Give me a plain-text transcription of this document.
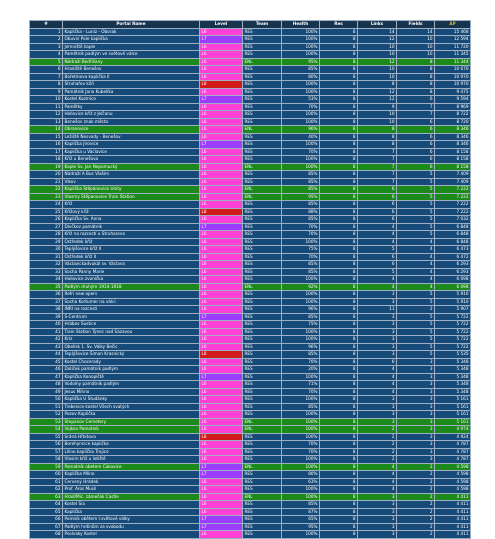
#	Portal Name	Level	Team	Health	Res	Links	Fields	AP
1	Kaplička - Luníz - Oborak	L6	RES	100%	8	14	14	15 468
2	Obuvní Pole kaplička	L7	RES	100%	8	12	10	12 594
3	Jemniště kaple	L6	RES	100%	8	10	10	11 720
4	Pamětník padlým ve světové válce	L6	RES	100%	8	10	10	11 345
5	Nádraží Bedřišany	L6	ENL	95%	8	12	8	11 344
6	Hradiště Benešov	L6	RES	85%	8	10	8	10 670
7	Bořetinova kaplička II	L6	RES	80%	8	10	8	10 970
8	Struhařov kůň	L8	RES	100%	8	8	8	10 970
9	Památník Jana Kubelíka	L6	RES	100%	8	12	8	9 475
10	Kostel Kozmice	L7	RES	53%	8	12	6	9 594
11	Pamětky	L6	RES	70%	8	9	7	8 969
12	Hollovice kříž z Jelčanu	L6	RES	100%	8	10	7	8 722
13	Benešov znak města	L6	RES	100%	8	10	6	8 720
14	Obranovice	L6	ENL	96%	8	8	6	8 346
15	Ležiště Nesvady - Benešov	L6	RES	40%	8	8	6	8 346
16	Kaplička Jirovice	L7	RES	100%	8	8	6	8 346
17	Kaplička u Václavice	L6	RES	70%	8	7	6	8 158
18	Kříž u Benešova	L6	RES	100%	8	7	6	8 158
19	Kaple Sv. Jan Nepomucký	L6	ENL	100%	8	7	6	8 158
20	Nádraží A Bus Vlašim	L6	RES	85%	8	7	5	7 409
21	Vlkov	L6	RES	85%	8	7	5	7 409
22	Kaplička Štěpánovice Unity	L6	ENL	85%	8	6	5	7 222
23	Vlasmy Štěpanovice Train Station	L6	ENL	95%	8	6	5	7 222
24	Kříž	L6	RES	85%	8	6	5	7 222
25	Křížový kříž	L8	RES	88%	8	6	5	7 222
26	Kaplička Sv. Anna	L6	RES	85%	8	6	5	7 032
27	Dívčkov památník	L7	RES	70%	8	4	5	6 848
28	Kříž na rozcestí u Struharova	L6	RES	70%	8	4	5	6 848
29	Ostředek kříž	L6	RES	100%	8	4	4	6 848
30	Teplýšovice kříž II	L6	RES	75%	8	5	4	6 473
31	Ostředek kříž II	L6	RES	70%	8	6	4	6 472
32	Václavickadvukál sv. Václava	L6	RES	85%	8	6	4	6 293
33	Socha Panny Marie	L6	RES	85%	8	5	4	6 293
34	Hollovice zvonička	L6	RES	100%	8	4	4	6 098
35	Padlým druhým 1914-1918	L6	ENL	92%	8	4	4	6 098
36	Refri new opers	L6	RES	100%	8	3	5	5 910
37	Socha Kortumer na válci	L6	RES	100%	8	3	5	5 910
38	INRI na rozcestí	L6	RES	96%	8	11	2	5 907
39	S-Centrum	L7	RES	85%	8	3	5	5 722
40	Hrábov Šustice	L6	RES	75%	8	3	5	5 722
41	Train Station Týnec nad Sázavou	L6	RES	100%	8	3	5	5 722
42	Kríz	L6	RES	100%	8	3	5	5 722
43	Obelisk 1. Sv. Války Bečic	L6	RES	96%	8	3	5	5 722
44	Teplýšovice Šimon Krasnický	L8	RES	85%	8	3	5	5 535
45	Kostel Chocerady	L6	RES	70%	8	6	3	5 348
46	Dolíček památník padlým	L6	RES	20%	8	4	3	5 348
47	Kaplička Konopiště	L7	RES	100%	8	4	3	5 348
48	Vodolny památník padlým	L6	RES	71%	8	4	3	5 348
49	Jesus Mihno	L6	RES	70%	8	4	3	5 348
50	Kaplička U Studánky	L6	RES	100%	8	3	3	5 161
51	Trebesice kostel Všech svatých	L6	RES	85%	8	3	3	5 161
52	Pozov Kaplička	L6	RES	100%	8	3	3	5 161
53	Stepanov Cemetery	L6	ENL	100%	8	3	3	5 161
54	Vojkov Pamatník	L6	ENL	100%	8	2	3	4 974
55	Srdná Hřbitova	L8	RES	100%	8	2	3	4 924
56	Borehyncice kaplička	L6	RES	70%	8	2	3	4 787
57	Lílino kaplička Trojice	L6	RES	70%	8	2	3	4 787
58	Vlasim kříž u letiště	L6	RES	100%	8	2	3	4 787
59	Pamatník obetem Čakovice	L7	ENL	100%	8	4	2	4 598
60	Kaplička Mlíno	L7	RES	80%	8	4	2	4 598
61	Červený Hrádek	L6	RES	63%	8	4	2	4 598
62	Prof. Aros Musil	L6	RES	100%	8	4	2	4 598
63	Hrad/Mic. zámeček Castle	L6	ENL	100%	8	3	2	4 411
64	Kostel Sia	L6	RES	85%	8	3	2	4 411
65	Kaplička	L6	RES	87%	8	3	2	4 411
66	Pomník obětem I.světové války	L7	RES	65%	8	3	2	4 411
67	Padlým hrdinům za svobodu	L7	RES	95%	8	3	2	4 411
68	Psolvaky Kostel	L6	RES	100%	8	3	2	4 411
